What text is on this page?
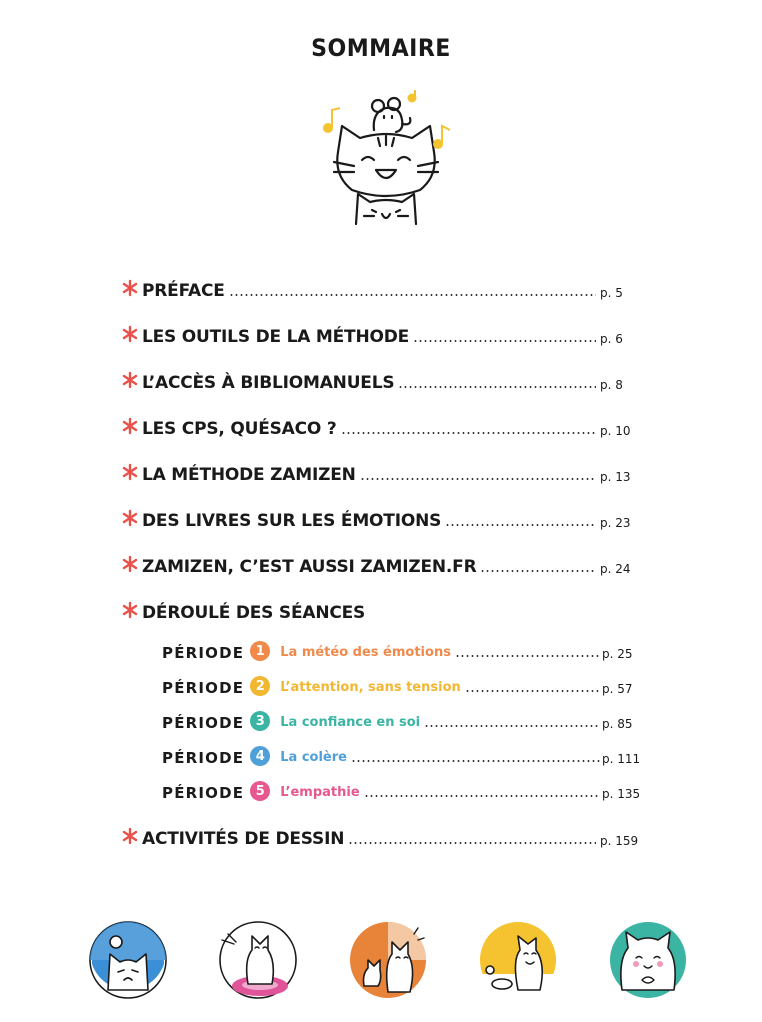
SOMMAIRE
PRÉFACE	p. 5
LES OUTILS DE LA MÉTHODE	p. 6
L’ACCÈS À BIBLIOMANUELS	p. 8
LES CPS, QUÉSACO ?	p. 10
LA MÉTHODE ZAMIZEN	p. 13
DES LIVRES SUR LES ÉMOTIONS	p. 23
ZAMIZEN, C’EST AUSSI ZAMIZEN.FR	p. 24
DÉROULÉ DES SÉANCES
PÉRIODE 1	La météo des émotions	p. 25
PÉRIODE 2	L’attention, sans tension	p. 57
PÉRIODE 3	La confiance en soi	p. 85
PÉRIODE 4	La colère	p. 111
PÉRIODE 5	L’empathie	p. 135
ACTIVITÉS DE DESSIN	p. 159
